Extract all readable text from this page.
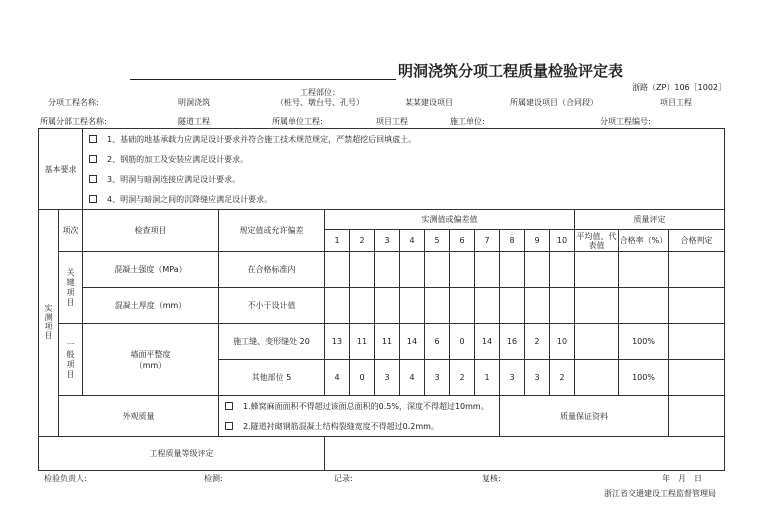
明洞浇筑分项工程质量检验评定表
浙路（ZP）106［1002］
分项工程名称:	明洞浇筑
工程部位：
（桩号、墩台号、孔号）	某某建设项目	所属建设项目（合同段）	项目工程
所属分部工程名称:	隧道工程	所属单位工程:	项目工程	施工单位:	分项工程编号:
基本要求		1、基础的地基承载力应满足设计要求并符合施工技术规范规定，严禁超挖后回填虚土。
2、钢筋的加工及安装应满足设计要求。
3、明洞与暗洞连接应满足设计要求。
4、明洞与暗洞之间的沉降缝应满足设计要求。														

实测项目	项次	检查项目	规定值或允许偏差	实测值或偏差值										质量评定		
				1	2	3	4	5	6	7	8	9	10	平均值、代表值	合格率（%）	合格判定

	关键项目	混凝土强度（MPa）	在合格标准内													
		混凝土厚度（mm）	不小于设计值													

	一般项目	墙面平整度
（mm）	施工缝、变形缝处 20	13	11	11	14	6	0	14	16	2	10		100%	
			其他部位 5	4	0	3	4	3	2	1	3	3	2		100%	
	外观质量		1.蜂窝麻面面积不得超过该面总面积的0.5%，深度不得超过10mm。
2.隧道衬砌钢筋混凝土结构裂缝宽度不得超过0.2mm。								质量保证资料					
工程质量等级评定																
检验负责人:	检测:	记录:	复核:	年　月　日
浙江省交通建设工程监督管理局
